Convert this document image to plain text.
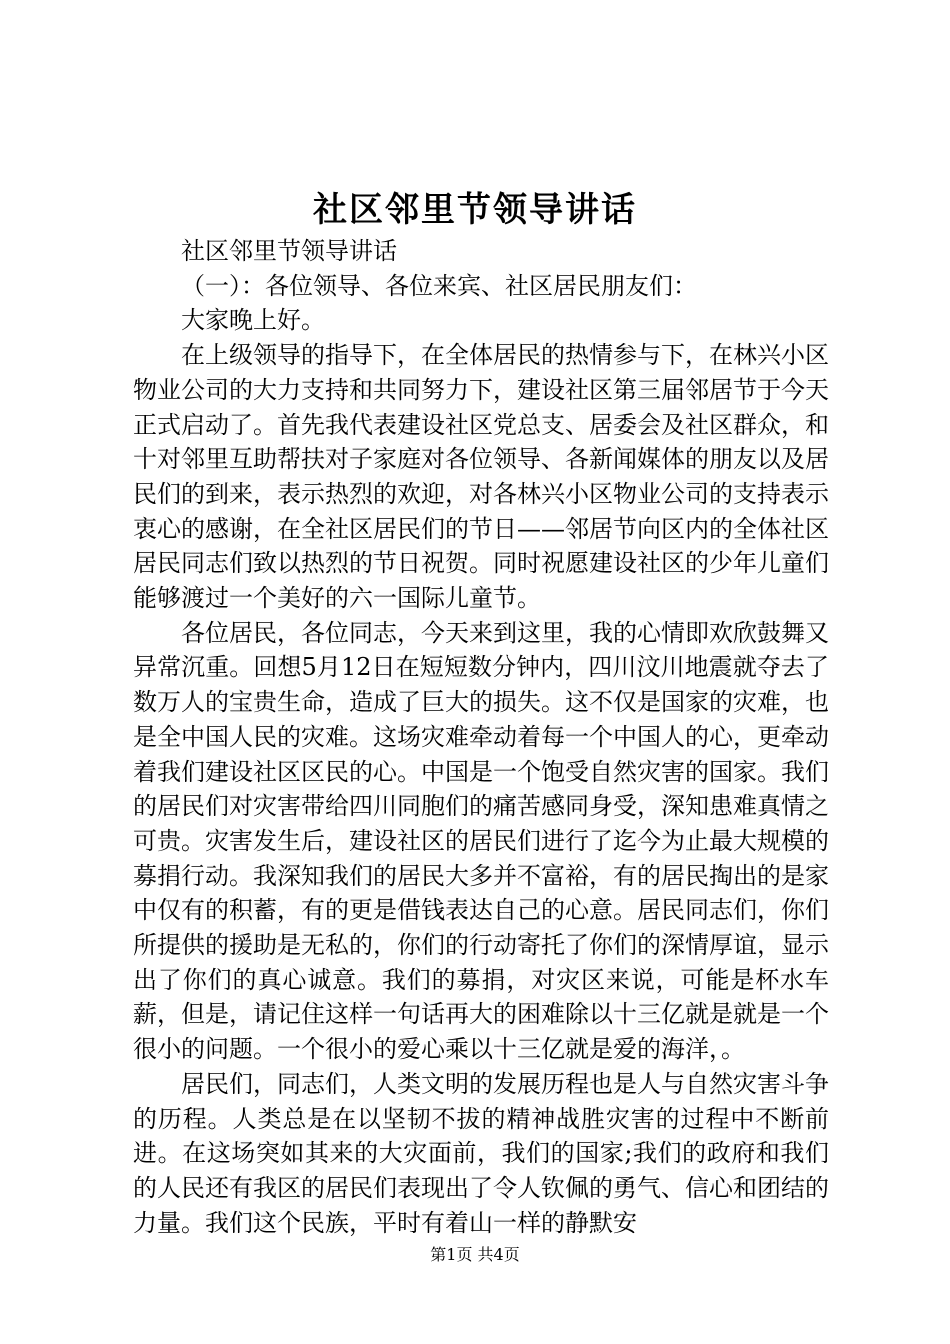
社区邻里节领导讲话

社区邻里节领导讲话

（一）：各位领导、各位来宾、社区居民朋友们：

大家晚上好。

在上级领导的指导下，在全体居民的热情参与下，在林兴小区物业公司的大力支持和共同努力下，建设社区第三届邻居节于今天正式启动了。首先我代表建设社区党总支、居委会及社区群众，和十对邻里互助帮扶对子家庭对各位领导、各新闻媒体的朋友以及居民们的到来，表示热烈的欢迎，对各林兴小区物业公司的支持表示衷心的感谢，在全社区居民们的节日——邻居节向区内的全体社区居民同志们致以热烈的节日祝贺。同时祝愿建设社区的少年儿童们能够渡过一个美好的六一国际儿童节。

各位居民，各位同志，今天来到这里，我的心情即欢欣鼓舞又异常沉重。回想5月12日在短短数分钟内，四川汶川地震就夺去了数万人的宝贵生命，造成了巨大的损失。这不仅是国家的灾难，也是全中国人民的灾难。这场灾难牵动着每一个中国人的心，更牵动着我们建设社区区民的心。中国是一个饱受自然灾害的国家。我们的居民们对灾害带给四川同胞们的痛苦感同身受，深知患难真情之可贵。灾害发生后，建设社区的居民们进行了迄今为止最大规模的募捐行动。我深知我们的居民大多并不富裕，有的居民掏出的是家中仅有的积蓄，有的更是借钱表达自己的心意。居民同志们，你们所提供的援助是无私的，你们的行动寄托了你们的深情厚谊，显示出了你们的真心诚意。我们的募捐，对灾区来说，可能是杯水车薪，但是，请记住这样一句话再大的困难除以十三亿就是就是一个很小的问题。一个很小的爱心乘以十三亿就是爱的海洋，。

居民们，同志们，人类文明的发展历程也是人与自然灾害斗争的历程。人类总是在以坚韧不拔的精神战胜灾害的过程中不断前进。在这场突如其来的大灾面前，我们的国家;我们的政府和我们的人民还有我区的居民们表现出了令人钦佩的勇气、信心和团结的力量。我们这个民族，平时有着山一样的静默安

第1页 共4页
